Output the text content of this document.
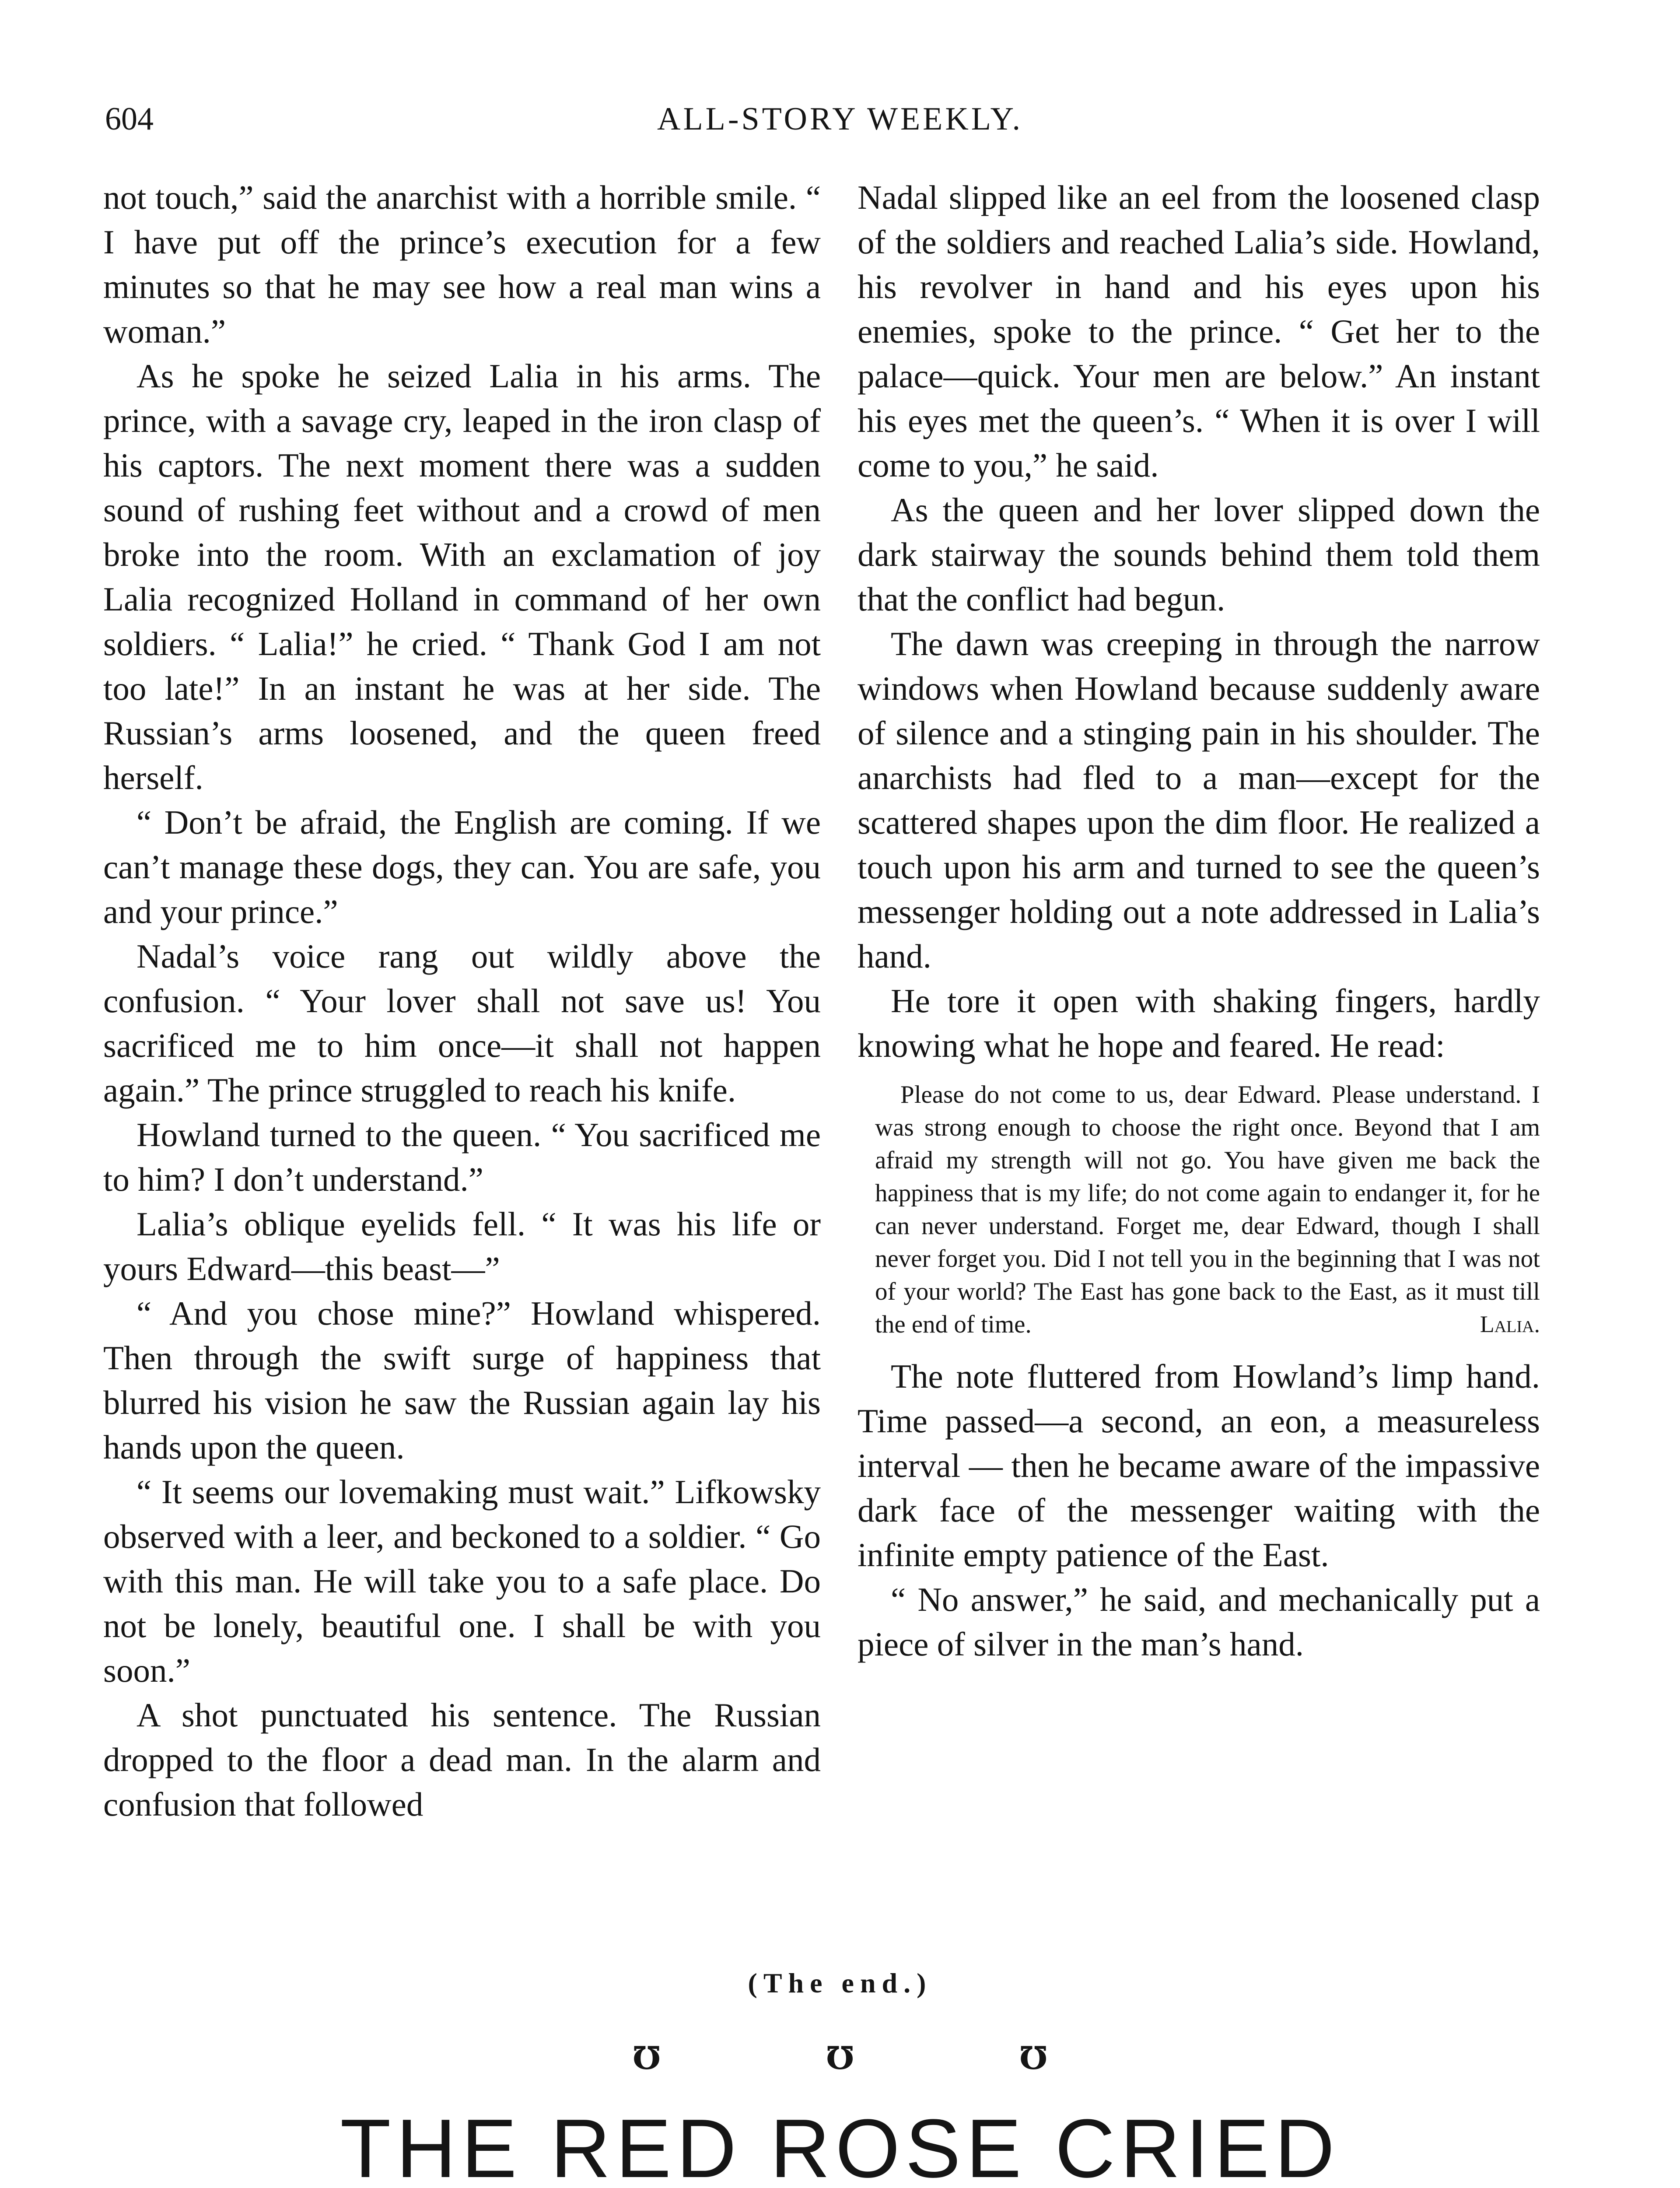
604	ALL-STORY WEEKLY.

not touch,” said the anarchist with a horrible smile. “ I have put off the prince’s execution for a few minutes so that he may see how a real man wins a woman.”

As he spoke he seized Lalia in his arms. The prince, with a savage cry, leaped in the iron clasp of his captors. The next moment there was a sudden sound of rushing feet without and a crowd of men broke into the room. With an exclamation of joy Lalia recognized Holland in command of her own soldiers. “ Lalia!” he cried. “ Thank God I am not too late!” In an instant he was at her side. The Russian’s arms loosened, and the queen freed herself.

“ Don’t be afraid, the English are coming. If we can’t manage these dogs, they can. You are safe, you and your prince.”

Nadal’s voice rang out wildly above the confusion. “ Your lover shall not save us! You sacrificed me to him once—it shall not happen again.” The prince struggled to reach his knife.

Howland turned to the queen. “ You sacrificed me to him? I don’t understand.”

Lalia’s oblique eyelids fell. “ It was his life or yours Edward—this beast—”

“ And you chose mine?” Howland whispered. Then through the swift surge of happiness that blurred his vision he saw the Russian again lay his hands upon the queen.

“ It seems our lovemaking must wait.” Lifkowsky observed with a leer, and beckoned to a soldier. “ Go with this man. He will take you to a safe place. Do not be lonely, beautiful one. I shall be with you soon.”

A shot punctuated his sentence. The Russian dropped to the floor a dead man. In the alarm and confusion that followed

Nadal slipped like an eel from the loosened clasp of the soldiers and reached Lalia’s side. Howland, his revolver in hand and his eyes upon his enemies, spoke to the prince. “ Get her to the palace—quick. Your men are below.” An instant his eyes met the queen’s. “ When it is over I will come to you,” he said.

As the queen and her lover slipped down the dark stairway the sounds behind them told them that the conflict had begun.

The dawn was creeping in through the narrow windows when Howland because suddenly aware of silence and a stinging pain in his shoulder. The anarchists had fled to a man—except for the scattered shapes upon the dim floor. He realized a touch upon his arm and turned to see the queen’s messenger holding out a note addressed in Lalia’s hand.

He tore it open with shaking fingers, hardly knowing what he hope and feared. He read:

Please do not come to us, dear Edward. Please understand. I was strong enough to choose the right once. Beyond that I am afraid my strength will not go. You have given me back the happiness that is my life; do not come again to endanger it, for he can never understand. Forget me, dear Edward, though I shall never forget you. Did I not tell you in the beginning that I was not of your world? The East has gone back to the East, as it must till the end of time.	Lalia.

The note fluttered from Howland’s limp hand. Time passed—a second, an eon, a measureless interval — then he became aware of the impassive dark face of the messenger waiting with the infinite empty patience of the East.

“ No answer,” he said, and mechanically put a piece of silver in the man’s hand.

(The end.)
℧	℧	℧
THE RED ROSE CRIED
